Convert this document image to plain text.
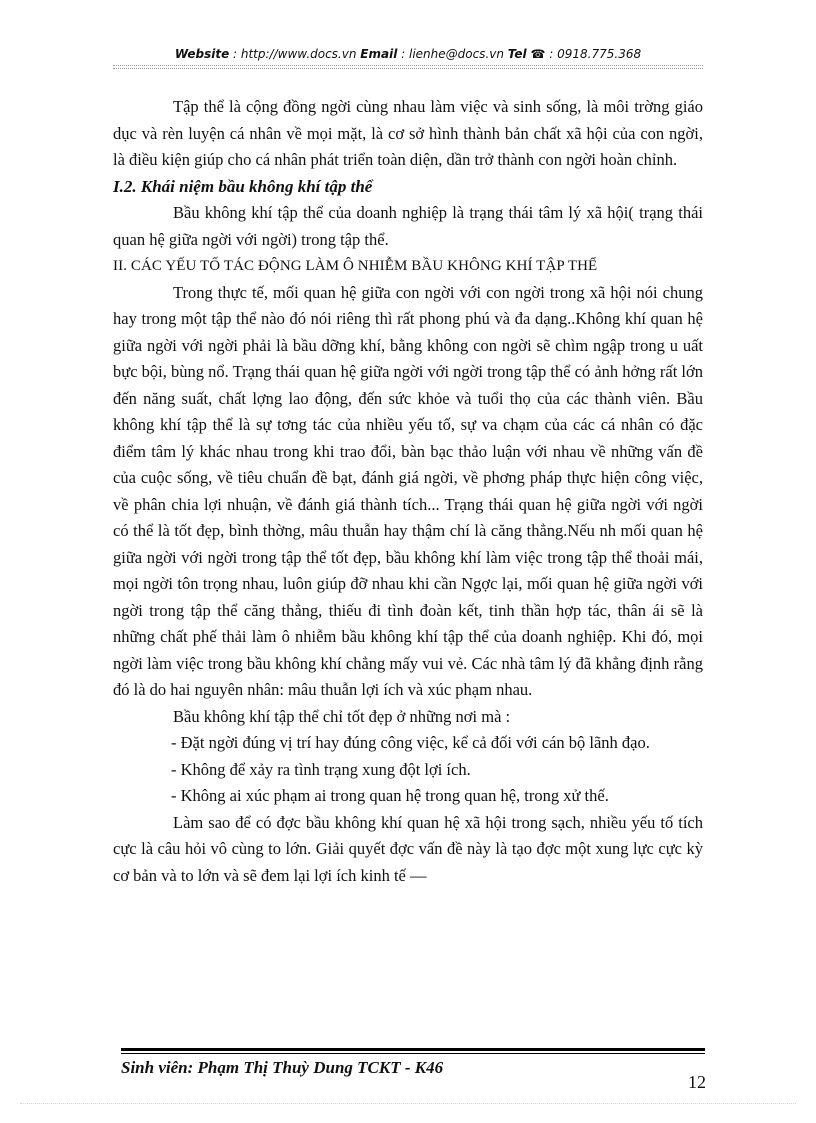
Website : http://www.docs.vn Email : lienhe@docs.vn Tel ☎ : 0918.775.368

Tập thể là cộng đồng ngời cùng nhau làm việc và sinh sống, là môi trờng giáo dục và rèn luyện cá nhân về mọi mặt, là cơ sở hình thành bản chất xã hội của con ngời, là điều kiện giúp cho cá nhân phát triển toàn diện, dần trở thành con ngời hoàn chỉnh.

I.2. Khái niệm bầu không khí tập thể

Bầu không khí tập thể của doanh nghiệp là trạng thái tâm lý xã hội( trạng thái quan hệ giữa ngời với ngời) trong tập thể.

II. CÁC YẾU TỐ TÁC ĐỘNG LÀM Ô NHIỄM BẦU KHÔNG KHÍ TẬP THỂ

Trong thực tế, mối quan hệ giữa con ngời với con ngời trong xã hội nói chung hay trong một tập thể nào đó nói riêng thì rất phong phú và đa dạng..Không khí quan hệ giữa ngời với ngời phải là bầu dỡng khí, bằng không con ngời sẽ chìm ngập trong u uất bực bội, bùng nổ. Trạng thái quan hệ giữa ngời với ngời trong tập thể có ảnh hởng rất lớn đến năng suất, chất lợng lao động, đến sức khỏe và tuổi thọ của các thành viên. Bầu không khí tập thể là sự tơng tác của nhiều yếu tố, sự va chạm của các cá nhân có đặc điểm tâm lý khác nhau trong khi trao đổi, bàn bạc thảo luận với nhau về những vấn đề của cuộc sống, về tiêu chuẩn đề bạt, đánh giá ngời, về phơng pháp thực hiện công việc, về phân chia lợi nhuận, về đánh giá thành tích... Trạng thái quan hệ giữa ngời với ngời có thể là tốt đẹp, bình thờng, mâu thuẫn hay thậm chí là căng thẳng.Nếu nh mối quan hệ giữa ngời với ngời trong tập thể tốt đẹp, bầu không khí làm việc trong tập thể thoải mái, mọi ngời tôn trọng nhau, luôn giúp đỡ nhau khi cần Ngợc lại, mối quan hệ giữa ngời với ngời trong tập thể căng thẳng, thiếu đi tình đoàn kết, tinh thần hợp tác, thân ái sẽ là những chất phế thải làm ô nhiễm bầu không khí tập thể của doanh nghiệp. Khi đó, mọi ngời làm việc trong bầu không khí chẳng mấy vui vẻ. Các nhà tâm lý đã khẳng định rằng đó là do hai nguyên nhân: mâu thuẫn lợi ích và xúc phạm nhau.

Bầu không khí tập thể chỉ tốt đẹp ở những nơi mà :

- Đặt ngời đúng vị trí hay đúng công việc, kể cả đối với cán bộ lãnh đạo.

- Không để xảy ra tình trạng xung đột lợi ích.

- Không ai xúc phạm ai trong quan hệ trong quan hệ, trong xử thế.

Làm sao để có đợc bầu không khí quan hệ xã hội trong sạch, nhiều yếu tố tích cực là câu hỏi vô cùng to lớn. Giải quyết đợc vấn đề này là tạo đợc một xung lực cực kỳ cơ bản và to lớn và sẽ đem lại lợi ích kinh tế —

Sinh viên: Phạm Thị Thuỳ Dung TCKT - K46
12
